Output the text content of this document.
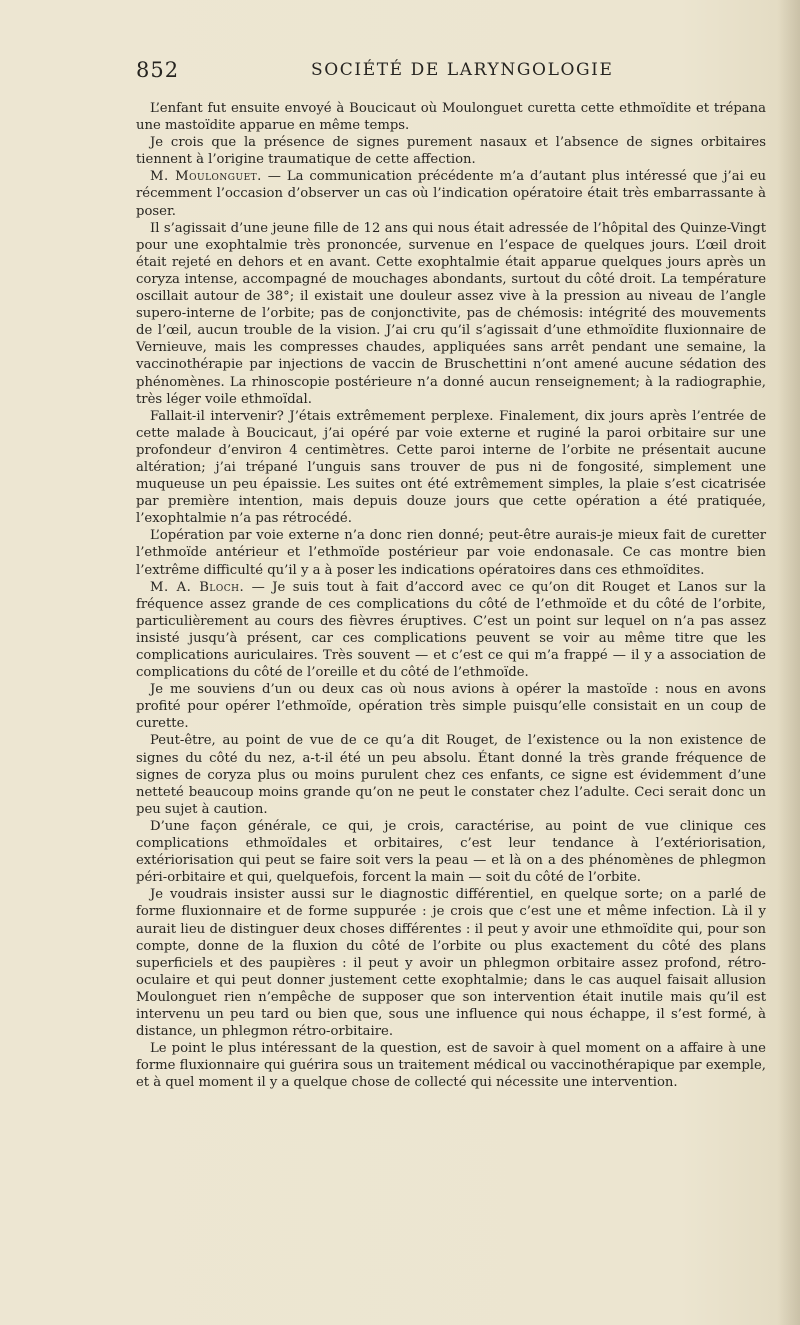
852	SOCIÉTÉ DE LARYNGOLOGIE

L’enfant fut ensuite envoyé à Boucicaut où Moulonguet curetta cette ethmoïdite et trépana une mastoïdite apparue en même temps.

Je crois que la présence de signes purement nasaux et l’absence de signes orbitaires tiennent à l’origine traumatique de cette affection.

M. Moulonguet. — La communication précédente m’a d’autant plus intéressé que j’ai eu récemment l’occasion d’observer un cas où l’indication opératoire était très embarrassante à poser.

Il s’agissait d’une jeune fille de 12 ans qui nous était adressée de l’hôpital des Quinze-Vingt pour une exophtalmie très prononcée, survenue en l’espace de quelques jours. L’œil droit était rejeté en dehors et en avant. Cette exophtalmie était apparue quelques jours après un coryza intense, accompagné de mouchages abondants, surtout du côté droit. La température oscillait autour de 38°; il existait une douleur assez vive à la pression au niveau de l’angle supero-interne de l’orbite; pas de conjonctivite, pas de chémosis: intégrité des mouvements de l’œil, aucun trouble de la vision. J’ai cru qu’il s’agissait d’une ethmoïdite fluxionnaire de Vernieuve, mais les compresses chaudes, appliquées sans arrêt pendant une semaine, la vaccinothérapie par injections de vaccin de Bruschettini n’ont amené aucune sédation des phénomènes. La rhinoscopie postérieure n’a donné aucun renseignement; à la radiographie, très léger voile ethmoïdal.

Fallait-il intervenir? J’étais extrêmement perplexe. Finalement, dix jours après l’entrée de cette malade à Boucicaut, j’ai opéré par voie externe et ruginé la paroi orbitaire sur une profondeur d’environ 4 centimètres. Cette paroi interne de l’orbite ne présentait aucune altération; j’ai trépané l’unguis sans trouver de pus ni de fongosité, simplement une muqueuse un peu épaissie. Les suites ont été extrêmement simples, la plaie s’est cicatrisée par première intention, mais depuis douze jours que cette opération a été pratiquée, l’exophtalmie n’a pas rétrocédé.

L’opération par voie externe n’a donc rien donné; peut-être aurais-je mieux fait de curetter l’ethmoïde antérieur et l’ethmoïde postérieur par voie endonasale. Ce cas montre bien l’extrême difficulté qu’il y a à poser les indications opératoires dans ces ethmoïdites.

M. A. Bloch. — Je suis tout à fait d’accord avec ce qu’on dit Rouget et Lanos sur la fréquence assez grande de ces complications du côté de l’ethmoïde et du côté de l’orbite, particulièrement au cours des fièvres éruptives. C’est un point sur lequel on n’a pas assez insisté jusqu’à présent, car ces complications peuvent se voir au même titre que les complications auriculaires. Très souvent — et c’est ce qui m’a frappé — il y a association de complications du côté de l’oreille et du côté de l’ethmoïde.

Je me souviens d’un ou deux cas où nous avions à opérer la mastoïde : nous en avons profité pour opérer l’ethmoïde, opération très simple puisqu’elle consistait en un coup de curette.

Peut-être, au point de vue de ce qu’a dit Rouget, de l’existence ou la non existence de signes du côté du nez, a-t-il été un peu absolu. Étant donné la très grande fréquence de signes de coryza plus ou moins purulent chez ces enfants, ce signe est évidemment d’une netteté beaucoup moins grande qu’on ne peut le constater chez l’adulte. Ceci serait donc un peu sujet à caution.

D’une façon générale, ce qui, je crois, caractérise, au point de vue clinique ces complications ethmoïdales et orbitaires, c’est leur tendance à l’extériorisation, extériorisation qui peut se faire soit vers la peau — et là on a des phénomènes de phlegmon péri-orbitaire et qui, quelquefois, forcent la main — soit du côté de l’orbite.

Je voudrais insister aussi sur le diagnostic différentiel, en quelque sorte; on a parlé de forme fluxionnaire et de forme suppurée : je crois que c’est une et même infection. Là il y aurait lieu de distinguer deux choses différentes : il peut y avoir une ethmoïdite qui, pour son compte, donne de la fluxion du côté de l’orbite ou plus exactement du côté des plans superficiels et des paupières : il peut y avoir un phlegmon orbitaire assez profond, rétro-oculaire et qui peut donner justement cette exophtalmie; dans le cas auquel faisait allusion Moulonguet rien n’empêche de supposer que son intervention était inutile mais qu’il est intervenu un peu tard ou bien que, sous une influence qui nous échappe, il s’est formé, à distance, un phlegmon rétro-orbitaire.

Le point le plus intéressant de la question, est de savoir à quel moment on a affaire à une forme fluxionnaire qui guérira sous un traitement médical ou vaccinothérapique par exemple, et à quel moment il y a quelque chose de collecté qui nécessite une intervention.
